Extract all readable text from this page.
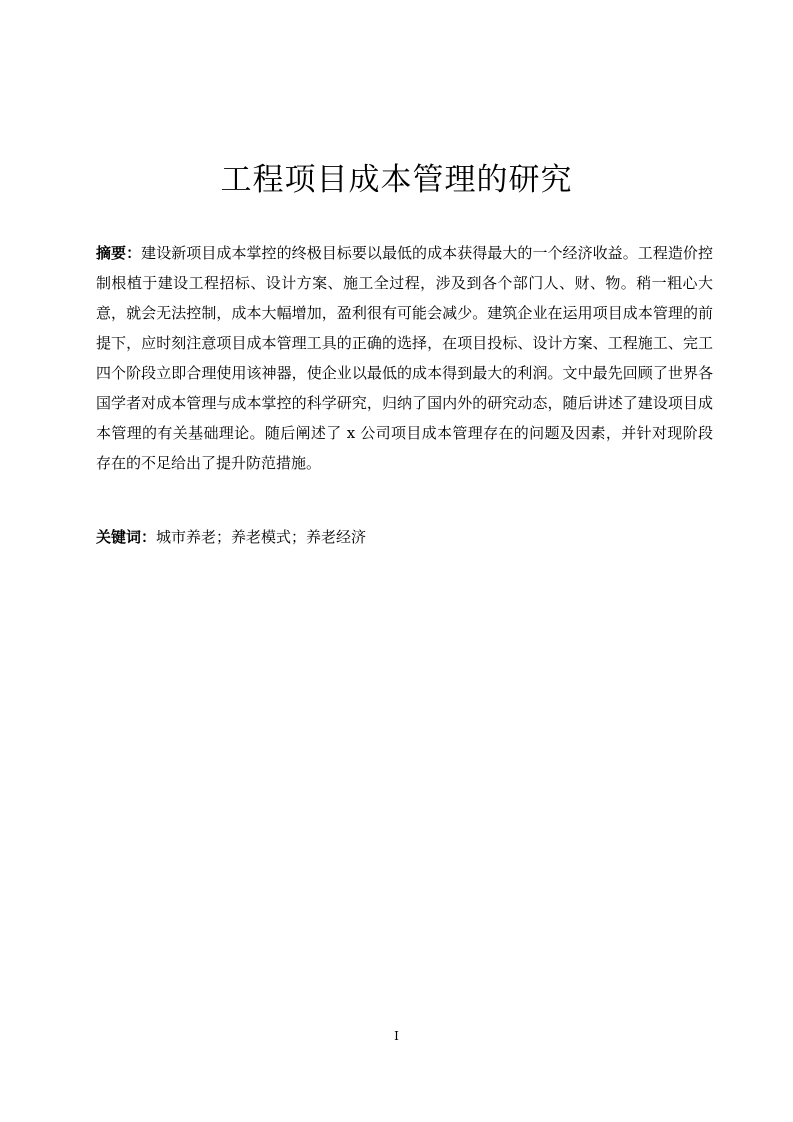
工程项目成本管理的研究

摘要：建设新项目成本掌控的终极目标要以最低的成本获得最大的一个经济收益。工程造价控制根植于建设工程招标、设计方案、施工全过程，涉及到各个部门人、财、物。稍一粗心大意，就会无法控制，成本大幅增加，盈利很有可能会减少。建筑企业在运用项目成本管理的前提下，应时刻注意项目成本管理工具的正确的选择，在项目投标、设计方案、工程施工、完工四个阶段立即合理使用该神器，使企业以最低的成本得到最大的利润。文中最先回顾了世界各国学者对成本管理与成本掌控的科学研究，归纳了国内外的研究动态，随后讲述了建设项目成本管理的有关基础理论。随后阐述了 x 公司项目成本管理存在的问题及因素，并针对现阶段存在的不足给出了提升防范措施。

关键词：城市养老；养老模式；养老经济

I
